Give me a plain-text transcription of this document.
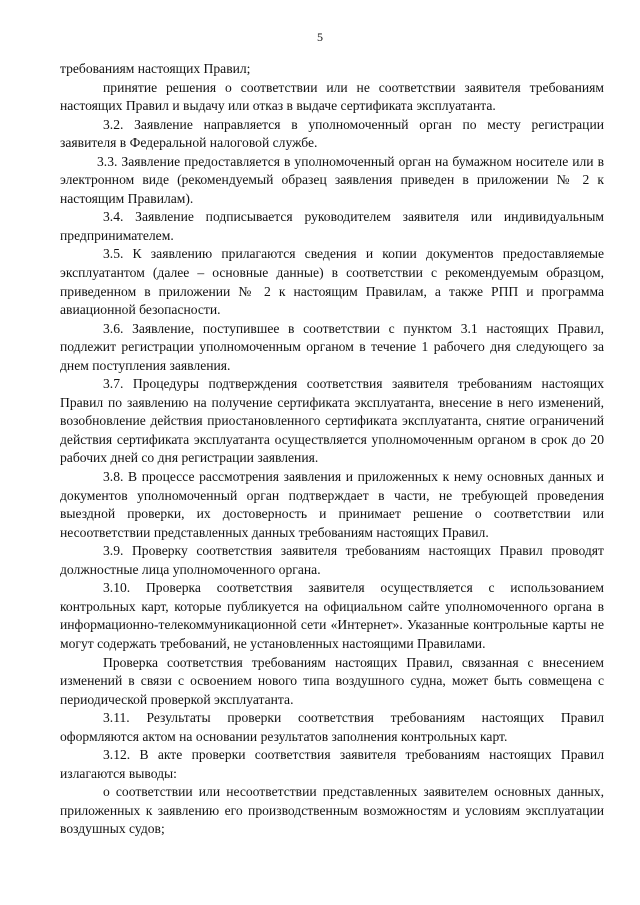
5

требованиям настоящих Правил;

принятие решения о соответствии или не соответствии заявителя требованиям настоящих Правил и выдачу или отказ в выдаче сертификата эксплуатанта.

3.2. Заявление направляется в уполномоченный орган по месту регистрации заявителя в Федеральной налоговой службе.

3.3. Заявление предоставляется в уполномоченный орган на бумажном носителе или в электронном виде (рекомендуемый образец заявления приведен в приложении № 2 к настоящим Правилам).

3.4. Заявление подписывается руководителем заявителя или индивидуальным предпринимателем.

3.5. К заявлению прилагаются сведения и копии документов предоставляемые эксплуатантом (далее – основные данные) в соответствии с рекомендуемым образцом, приведенном в приложении № 2 к настоящим Правилам, а также РПП и программа авиационной безопасности.

3.6. Заявление, поступившее в соответствии с пунктом 3.1 настоящих Правил, подлежит регистрации уполномоченным органом в течение 1 рабочего дня следующего за днем поступления заявления.

3.7. Процедуры подтверждения соответствия заявителя требованиям настоящих Правил по заявлению на получение сертификата эксплуатанта, внесение в него изменений, возобновление действия приостановленного сертификата эксплуатанта, снятие ограничений действия сертификата эксплуатанта осуществляется уполномоченным органом в срок до 20 рабочих дней со дня регистрации заявления.

3.8. В процессе рассмотрения заявления и приложенных к нему основных данных и документов уполномоченный орган подтверждает в части, не требующей проведения выездной проверки, их достоверность и принимает решение о соответствии или несоответствии представленных данных требованиям настоящих Правил.

3.9. Проверку соответствия заявителя требованиям настоящих Правил проводят должностные лица уполномоченного органа.

3.10. Проверка соответствия заявителя осуществляется с использованием контрольных карт, которые публикуется на официальном сайте уполномоченного органа в информационно-телекоммуникационной сети «Интернет». Указанные контрольные карты не могут содержать требований, не установленных настоящими Правилами.

Проверка соответствия требованиям настоящих Правил, связанная с внесением изменений в связи с освоением нового типа воздушного судна, может быть совмещена с периодической проверкой эксплуатанта.

3.11. Результаты проверки соответствия требованиям настоящих Правил оформляются актом на основании результатов заполнения контрольных карт.

3.12. В акте проверки соответствия заявителя требованиям настоящих Правил излагаются выводы:

о соответствии или несоответствии представленных заявителем основных данных, приложенных к заявлению его производственным возможностям и условиям эксплуатации воздушных судов;
